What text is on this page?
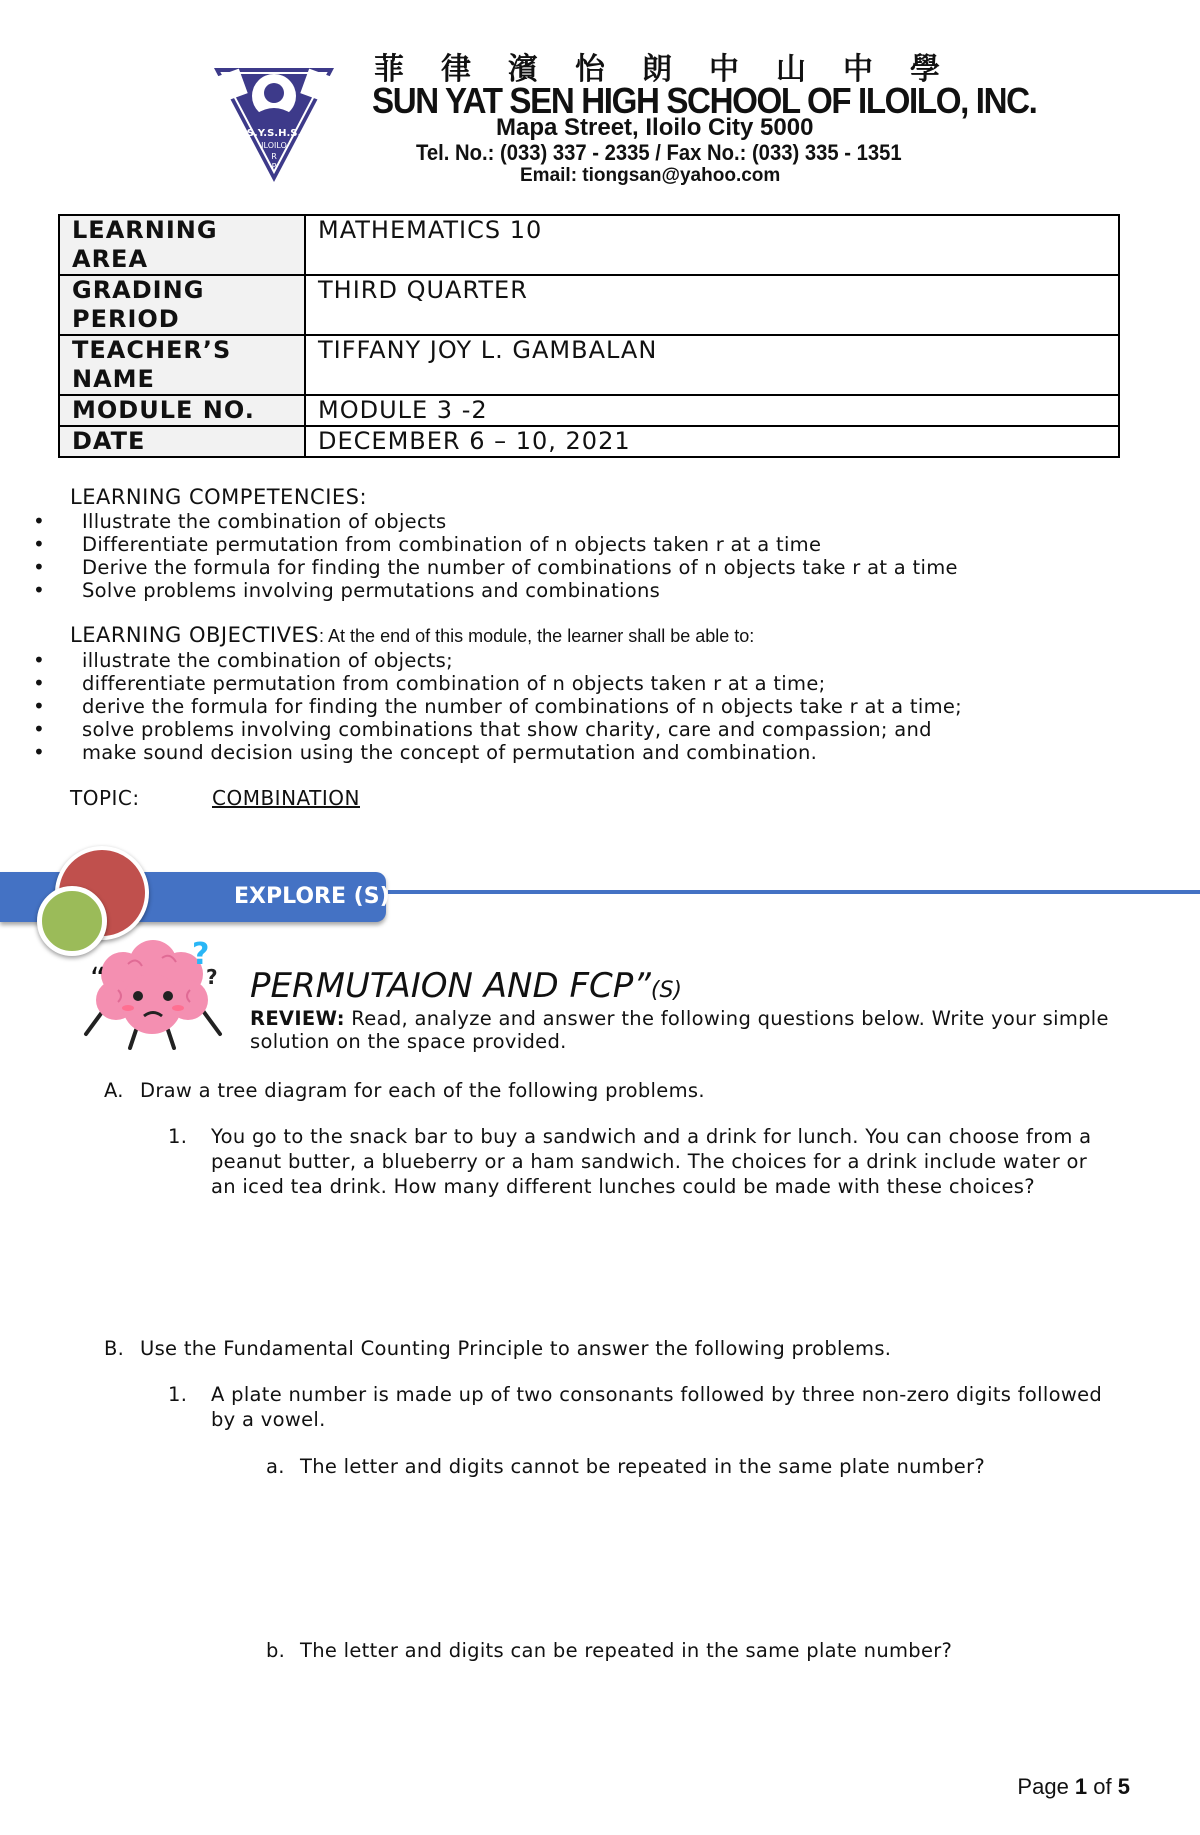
S.Y.S.H.S.
ILOILO
R
P
菲律濱怡朗中山中學
SUN YAT SEN HIGH SCHOOL OF ILOILO, INC.
Mapa Street, Iloilo City 5000
Tel. No.: (033) 337 - 2335 / Fax No.: (033) 335 - 1351
Email: tiongsan@yahoo.com
LEARNING AREA	MATHEMATICS 10
GRADING PERIOD	THIRD QUARTER
TEACHER’S NAME	TIFFANY JOY L. GAMBALAN
MODULE NO.	MODULE 3 -2
DATE	DECEMBER 6 – 10, 2021
LEARNING COMPETENCIES:
• Illustrate the combination of objects
• Differentiate permutation from combination of n objects taken r at a time
• Derive the formula for finding the number of combinations of n objects take r at a time
• Solve problems involving permutations and combinations
LEARNING OBJECTIVES: At the end of this module, the learner shall be able to:
• illustrate the combination of objects;
• differentiate permutation from combination of n objects taken r at a time;
• derive the formula for finding the number of combinations of n objects take r at a time;
• solve problems involving combinations that show charity, care and compassion; and
• make sound decision using the concept of permutation and combination.
TOPIC:	COMBINATION
EXPLORE (S)
?
?
“	PERMUTAION AND FCP”(S)
REVIEW: Read, analyze and answer the following questions below. Write your simple solution on the space provided.
A. Draw a tree diagram for each of the following problems.
1. You go to the snack bar to buy a sandwich and a drink for lunch. You can choose from a peanut butter, a blueberry or a ham sandwich. The choices for a drink include water or an iced tea drink. How many different lunches could be made with these choices?
B. Use the Fundamental Counting Principle to answer the following problems.
1. A plate number is made up of two consonants followed by three non-zero digits followed by a vowel.
a. The letter and digits cannot be repeated in the same plate number?
b. The letter and digits can be repeated in the same plate number?
Page 1 of 5
